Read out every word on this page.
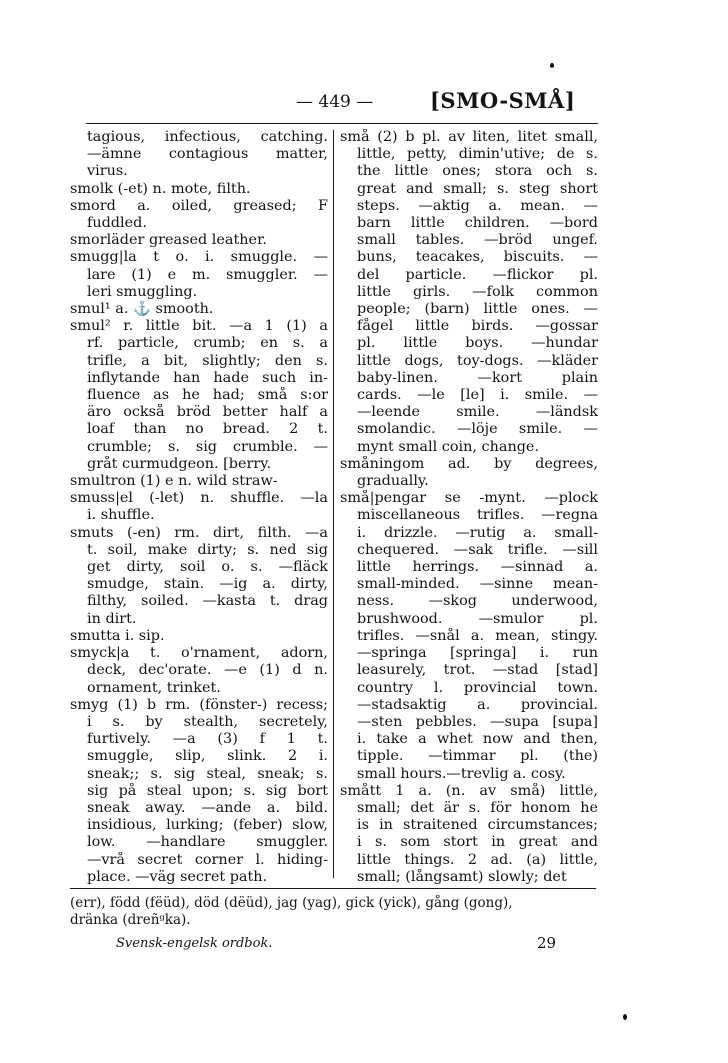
— 449 —	[SMO-SMÅ]
tagious, infectious, catching.
—ämne contagious matter,
virus.
smolk (-et) n. mote, filth.
smord a. oiled, greased; F
fuddled.
smorläder greased leather.
smugg|la t o. i. smuggle. —
lare (1) e m. smuggler. —
leri smuggling.
smul¹ a. ⚓ smooth.
smul² r. little bit. —a 1 (1) a
rf. particle, crumb; en s. a
trifle, a bit, slightly; den s.
inflytande han hade such in-
fluence as he had; små s:or
äro också bröd better half a
loaf than no bread. 2 t.
crumble; s. sig crumble. —
gråt curmudgeon. [berry.
smultron (1) e n. wild straw-
smuss|el (-let) n. shuffle. —la
i. shuffle.
smuts (-en) rm. dirt, filth. —a
t. soil, make dirty; s. ned sig
get dirty, soil o. s. —fläck
smudge, stain. —ig a. dirty,
filthy, soiled. —kasta t. drag
in dirt.
smutta i. sip.
smyck|a t. o'rnament, adorn,
deck, dec'orate. —e (1) d n.
ornament, trinket.
smyg (1) b rm. (fönster-) recess;
i s. by stealth, secretely,
furtively. —a (3) f 1 t.
smuggle, slip, slink. 2 i.
sneak;; s. sig steal, sneak; s.
sig på steal upon; s. sig bort
sneak away. —ande a. bild.
insidious, lurking; (feber) slow,
low. —handlare smuggler.
—vrå secret corner l. hiding-
place. —väg secret path.
små (2) b pl. av liten, litet small,
little, petty, dimin'utive; de s.
the little ones; stora och s.
great and small; s. steg short
steps. —aktig a. mean. —
barn little children. —bord
small tables. —bröd ungef.
buns, teacakes, biscuits. —
del particle. —flickor pl.
little girls. —folk common
people; (barn) little ones. —
fågel little birds. —gossar
pl. little boys. —hundar
little dogs, toy-dogs. —kläder
baby-linen. —kort plain
cards. —le [le] i. smile. —
—leende smile. —ländsk
smolandic. —löje smile. —
mynt small coin, change.
småningom ad. by degrees,
gradually.
små|pengar se -mynt. —plock
miscellaneous trifles. —regna
i. drizzle. —rutig a. small-
chequered. —sak trifle. —sill
little herrings. —sinnad a.
small-minded. —sinne mean-
ness. —skog underwood,
brushwood. —smulor pl.
trifles. —snål a. mean, stingy.
—springa [springa] i. run
leasurely, trot. —stad [stad]
country l. provincial town.
—stadsaktig a. provincial.
—sten pebbles. —supa [supa]
i. take a whet now and then,
tipple. —timmar pl. (the)
small hours.—trevlig a. cosy.
smått 1 a. (n. av små) little,
small; det är s. för honom he
is in straitened circumstances;
i s. som stort in great and
little things. 2 ad. (a) little,
small; (långsamt) slowly; det
(err), född (fëüd), död (dëüd), jag (yag), gick (yick), gång (gong),
dränka (dreñᵍka).
Svensk-engelsk ordbok.	29
